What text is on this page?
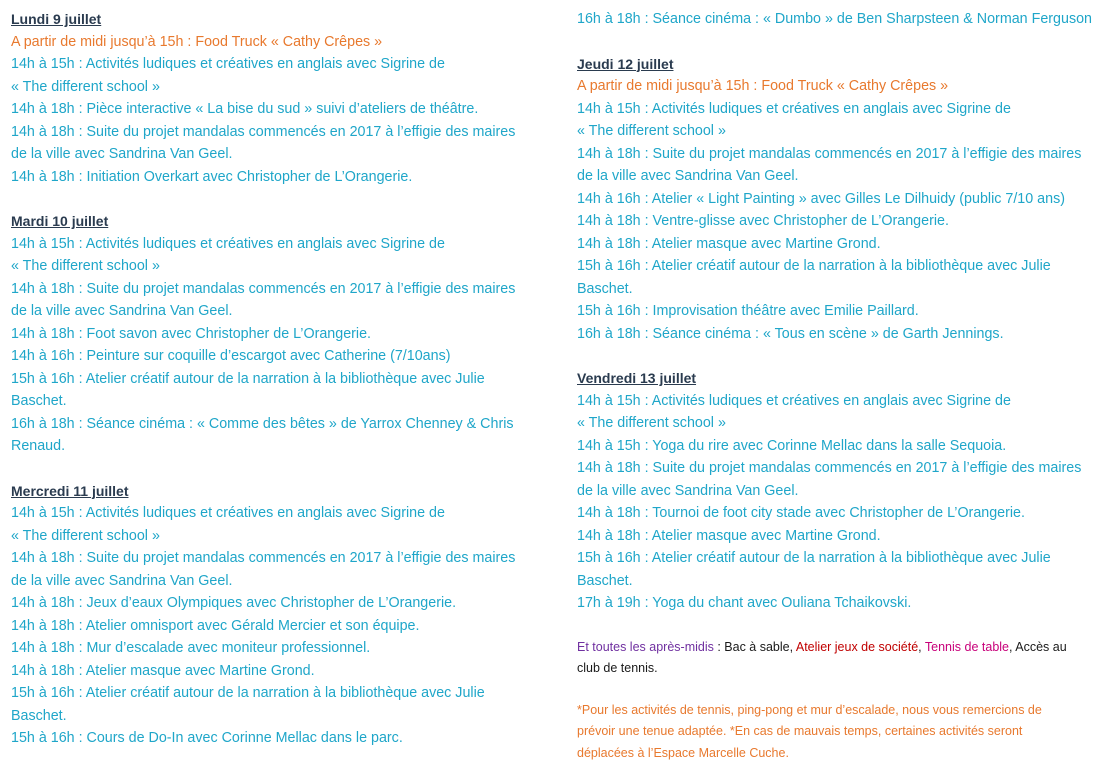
Lundi 9 juillet
A partir de midi jusqu’à 15h : Food Truck « Cathy Crêpes »
14h à 15h : Activités ludiques et créatives en anglais avec Sigrine de
« The different school »
14h à 18h : Pièce interactive « La bise du sud » suivi d’ateliers de théâtre.
14h à 18h : Suite du projet mandalas commencés en 2017 à l’effigie des maires
de la ville avec Sandrina Van Geel.
14h à 18h : Initiation Overkart avec Christopher de L’Orangerie.
Mardi 10 juillet
14h à 15h : Activités ludiques et créatives en anglais avec Sigrine de
« The different school »
14h à 18h : Suite du projet mandalas commencés en 2017 à l’effigie des maires
de la ville avec Sandrina Van Geel.
14h à 18h : Foot savon avec Christopher de L’Orangerie.
14h à 16h : Peinture sur coquille d’escargot avec Catherine (7/10ans)
15h à 16h : Atelier créatif autour de la narration à la bibliothèque avec Julie
Baschet.
16h à 18h : Séance cinéma : « Comme des bêtes » de Yarrox Chenney & Chris
Renaud.
Mercredi 11 juillet
14h à 15h : Activités ludiques et créatives en anglais avec Sigrine de
« The different school »
14h à 18h : Suite du projet mandalas commencés en 2017 à l’effigie des maires
de la ville avec Sandrina Van Geel.
14h à 18h : Jeux d’eaux Olympiques avec Christopher de L’Orangerie.
14h à 18h : Atelier omnisport avec Gérald Mercier et son équipe.
14h à 18h : Mur d’escalade avec moniteur professionnel.
14h à 18h : Atelier masque avec Martine Grond.
15h à 16h : Atelier créatif autour de la narration à la bibliothèque avec Julie
Baschet.
15h à 16h : Cours de Do-In avec Corinne Mellac dans le parc.
16h à 18h : Séance cinéma : « Dumbo » de Ben Sharpsteen & Norman Ferguson
Jeudi 12 juillet
A partir de midi jusqu’à 15h : Food Truck « Cathy Crêpes »
14h à 15h : Activités ludiques et créatives en anglais avec Sigrine de
« The different school »
14h à 18h : Suite du projet mandalas commencés en 2017 à l’effigie des maires
de la ville avec Sandrina Van Geel.
14h à 16h : Atelier « Light Painting » avec Gilles Le Dilhuidy (public 7/10 ans)
14h à 18h : Ventre-glisse avec Christopher de L’Orangerie.
14h à 18h : Atelier masque avec Martine Grond.
15h à 16h : Atelier créatif autour de la narration à la bibliothèque avec Julie
Baschet.
15h à 16h : Improvisation théâtre avec Emilie Paillard.
16h à 18h : Séance cinéma : « Tous en scène » de Garth Jennings.
Vendredi 13 juillet
14h à 15h : Activités ludiques et créatives en anglais avec Sigrine de
« The different school »
14h à 15h : Yoga du rire avec Corinne Mellac dans la salle Sequoia.
14h à 18h : Suite du projet mandalas commencés en 2017 à l’effigie des maires
de la ville avec Sandrina Van Geel.
14h à 18h : Tournoi de foot city stade avec Christopher de L’Orangerie.
14h à 18h : Atelier masque avec Martine Grond.
15h à 16h : Atelier créatif autour de la narration à la bibliothèque avec Julie
Baschet.
17h à 19h : Yoga du chant avec Ouliana Tchaikovski.
Et toutes les après-midis : Bac à sable, Atelier jeux de société, Tennis de table, Accès au
club de tennis.
*Pour les activités de tennis, ping-pong et mur d’escalade, nous vous remercions de
prévoir une tenue adaptée. *En cas de mauvais temps, certaines activités seront
déplacées à l’Espace Marcelle Cuche.
